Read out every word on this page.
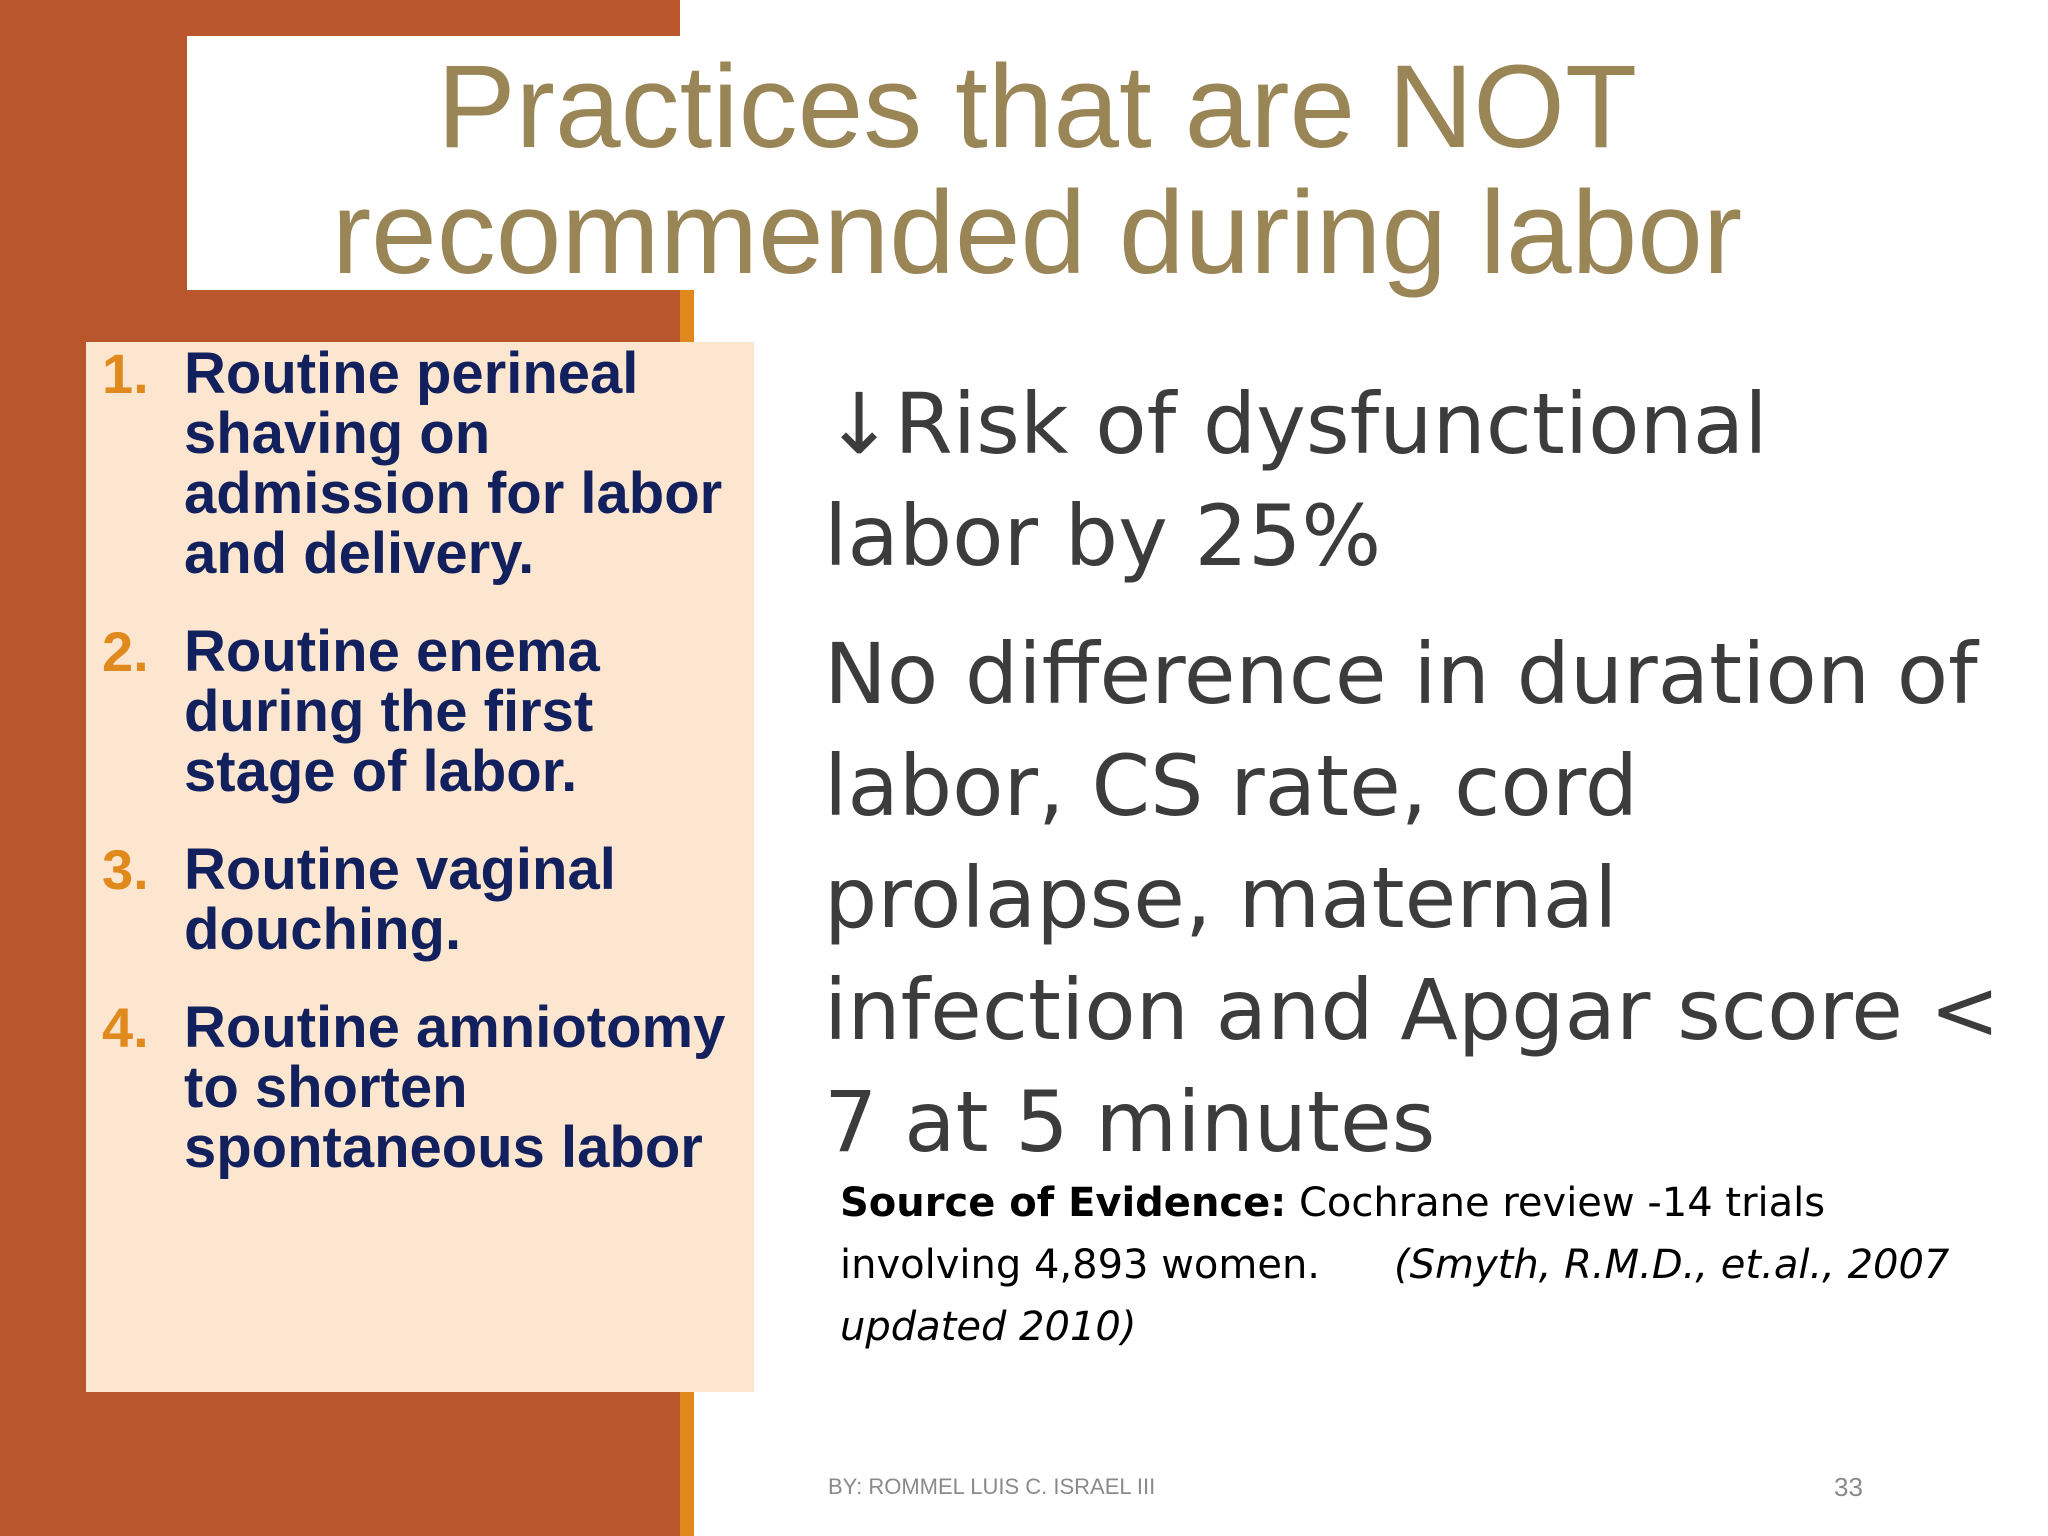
Practices that are NOT
recommended during labor
1. Routine perineal shaving on admission for labor and delivery.
2. Routine enema during the first stage of labor.
3. Routine vaginal douching.
4. Routine amniotomy to shorten spontaneous labor

↓Risk of dysfunctional labor by 25%

No difference in duration of labor, CS rate, cord prolapse, maternal infection and Apgar score < 7 at 5 minutes

Source of Evidence: Cochrane review -14 trials involving 4,893 women. (Smyth, R.M.D., et.al., 2007 updated 2010)
BY: ROMMEL LUIS C. ISRAEL III	33
